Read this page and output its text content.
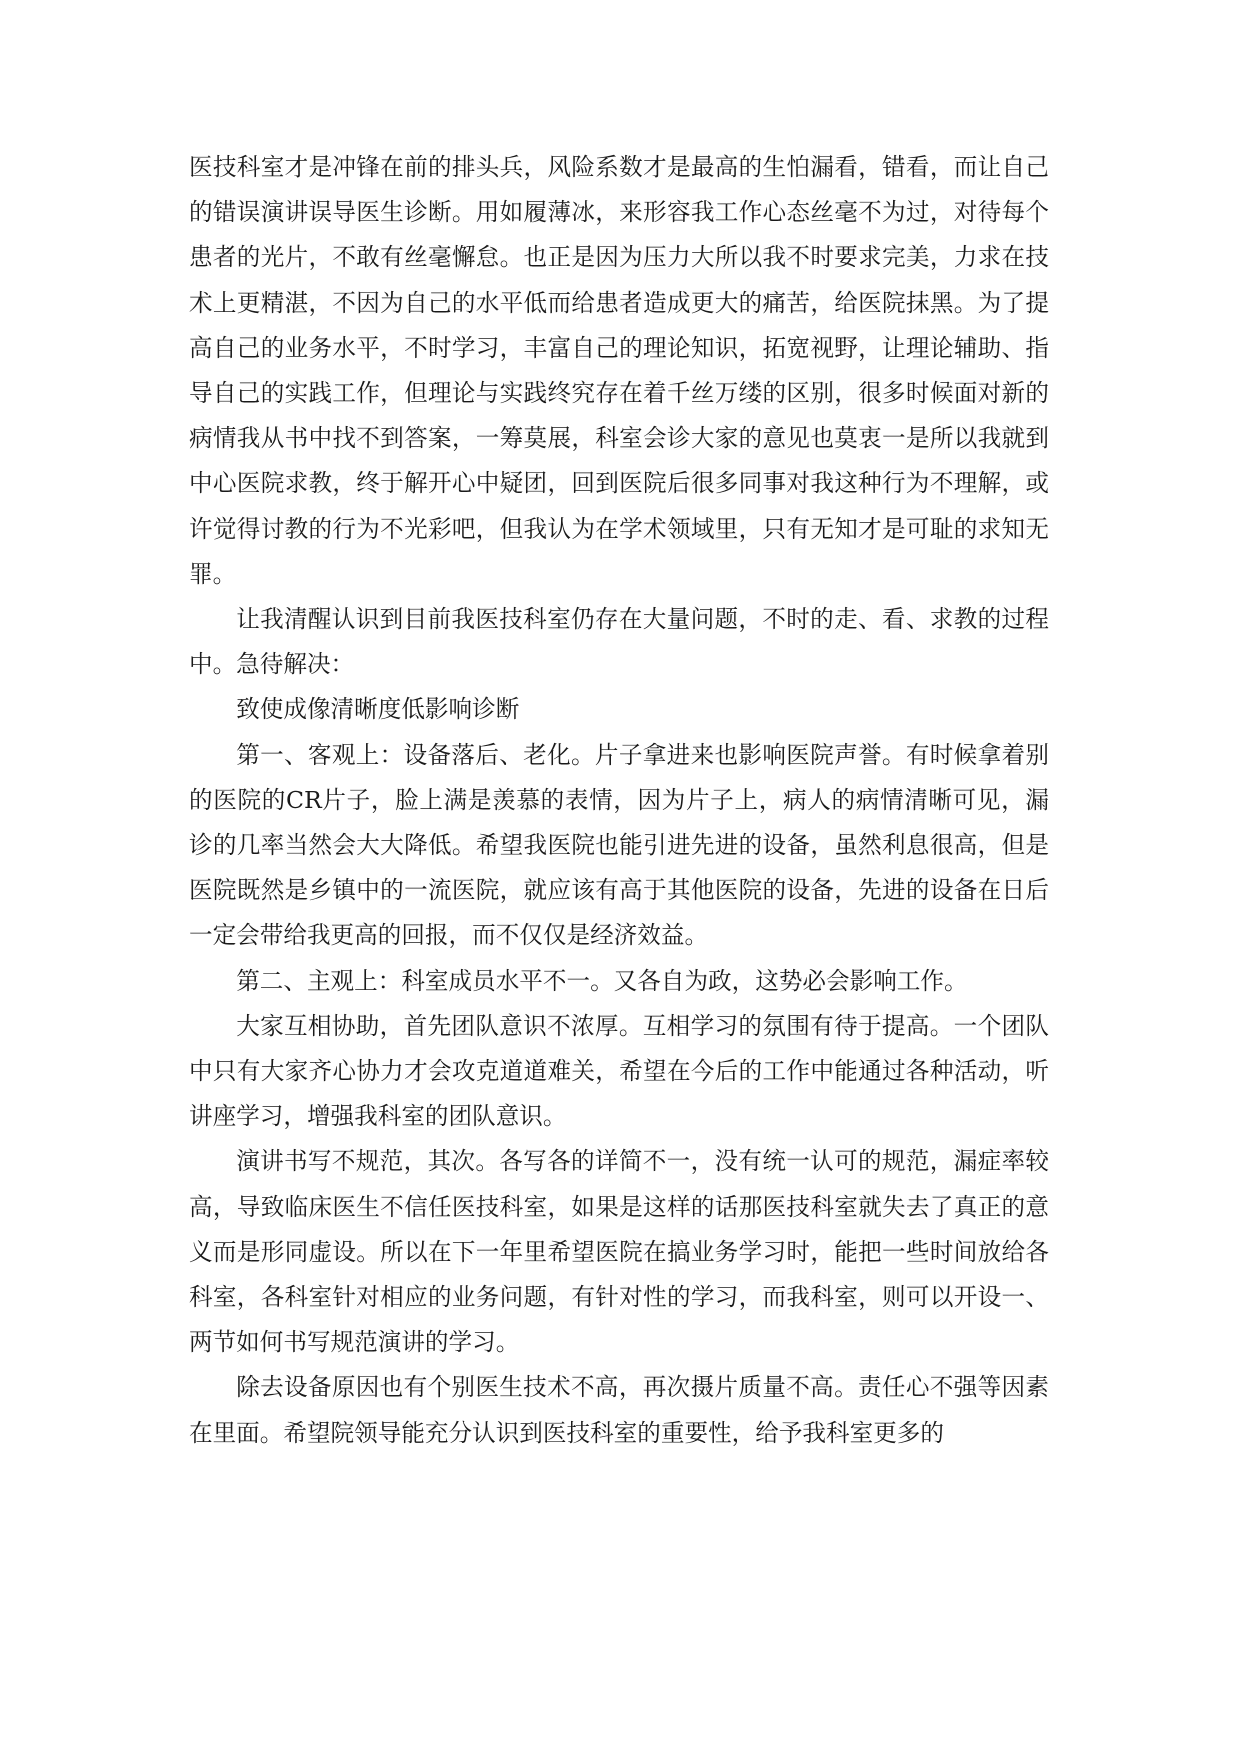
医技科室才是冲锋在前的排头兵，风险系数才是最高的生怕漏看，错看，而让自己的错误演讲误导医生诊断。用如履薄冰，来形容我工作心态丝毫不为过，对待每个患者的光片，不敢有丝毫懈怠。也正是因为压力大所以我不时要求完美，力求在技术上更精湛，不因为自己的水平低而给患者造成更大的痛苦，给医院抹黑。为了提高自己的业务水平，不时学习，丰富自己的理论知识，拓宽视野，让理论辅助、指导自己的实践工作，但理论与实践终究存在着千丝万缕的区别，很多时候面对新的病情我从书中找不到答案，一筹莫展，科室会诊大家的意见也莫衷一是所以我就到中心医院求教，终于解开心中疑团，回到医院后很多同事对我这种行为不理解，或许觉得讨教的行为不光彩吧，但我认为在学术领域里，只有无知才是可耻的求知无罪。

让我清醒认识到目前我医技科室仍存在大量问题，不时的走、看、求教的过程中。急待解决：

致使成像清晰度低影响诊断

第一、客观上：设备落后、老化。片子拿进来也影响医院声誉。有时候拿着别的医院的CR片子，脸上满是羡慕的表情，因为片子上，病人的病情清晰可见，漏诊的几率当然会大大降低。希望我医院也能引进先进的设备，虽然利息很高，但是医院既然是乡镇中的一流医院，就应该有高于其他医院的设备，先进的设备在日后一定会带给我更高的回报，而不仅仅是经济效益。

第二、主观上：科室成员水平不一。又各自为政，这势必会影响工作。

大家互相协助，首先团队意识不浓厚。互相学习的氛围有待于提高。一个团队中只有大家齐心协力才会攻克道道难关，希望在今后的工作中能通过各种活动，听讲座学习，增强我科室的团队意识。

演讲书写不规范，其次。各写各的详简不一，没有统一认可的规范，漏症率较高，导致临床医生不信任医技科室，如果是这样的话那医技科室就失去了真正的意义而是形同虚设。所以在下一年里希望医院在搞业务学习时，能把一些时间放给各科室，各科室针对相应的业务问题，有针对性的学习，而我科室，则可以开设一、两节如何书写规范演讲的学习。

除去设备原因也有个别医生技术不高，再次摄片质量不高。责任心不强等因素在里面。希望院领导能充分认识到医技科室的重要性，给予我科室更多的
